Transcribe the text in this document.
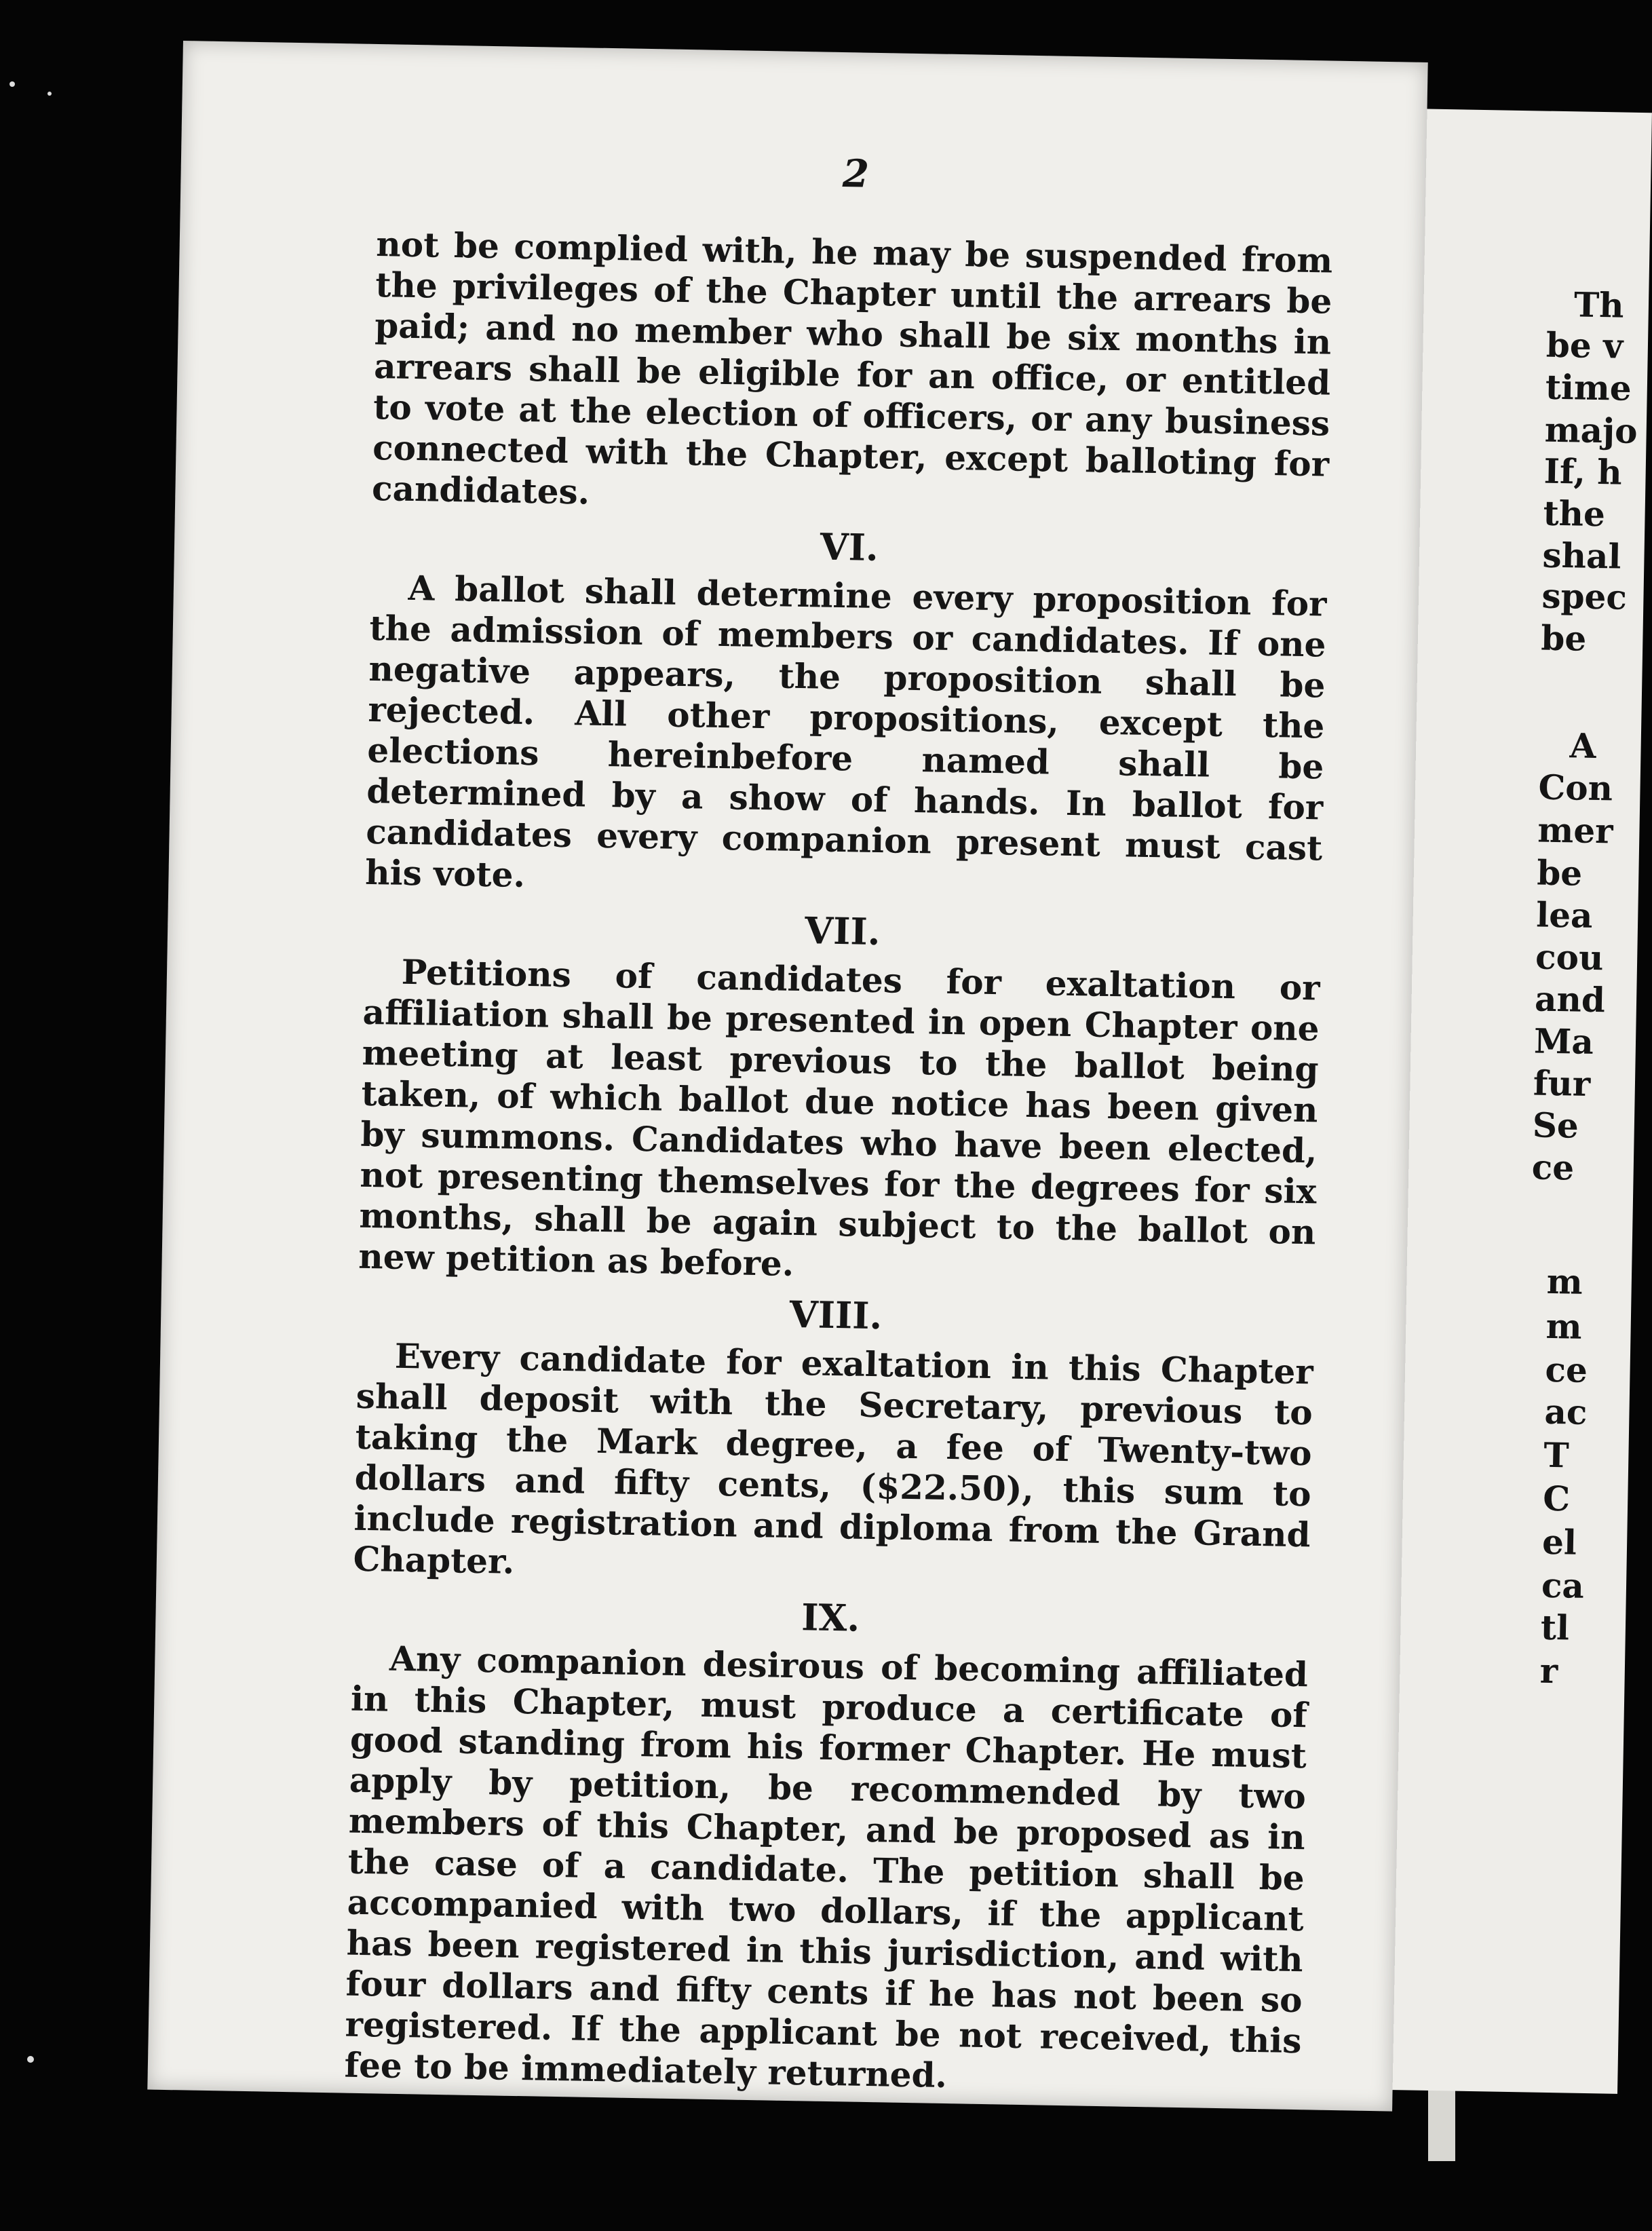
Th
be v
time
majo
If, h
the
shal
spec
be
A
Con
mer
be
lea
cou
and
Ma
fur
Se
ce
m
m
ce
ac
T
C
el
ca
tl
r
2

not be complied with, he may be suspended from the privileges of the Chapter until the arrears be paid; and no member who shall be six months in arrears shall be eligible for an office, or entitled to vote at the election of officers, or any business connected with the Chapter, except balloting for candidates.

VI.

A ballot shall determine every proposition for the admission of members or candidates. If one negative appears, the proposition shall be rejected. All other propositions, except the elections hereinbefore named shall be determined by a show of hands. In ballot for candidates every companion present must cast his vote.

VII.

Petitions of candidates for exaltation or affiliation shall be presented in open Chapter one meeting at least previous to the ballot being taken, of which ballot due notice has been given by summons. Candidates who have been elected, not presenting themselves for the degrees for six months, shall be again subject to the ballot on new petition as before.

VIII.

Every candidate for exaltation in this Chapter shall deposit with the Secretary, previous to taking the Mark degree, a fee of Twenty-two dollars and fifty cents, ($22.50), this sum to include registration and diploma from the Grand Chapter.

IX.

Any companion desirous of becoming affiliated in this Chapter, must produce a certificate of good standing from his former Chapter. He must apply by petition, be recommended by two members of this Chapter, and be proposed as in the case of a candidate. The petition shall be accompanied with two dollars, if the applicant has been registered in this jurisdiction, and with four dollars and fifty cents if he has not been so registered. If the applicant be not received, this fee to be immediately returned.
